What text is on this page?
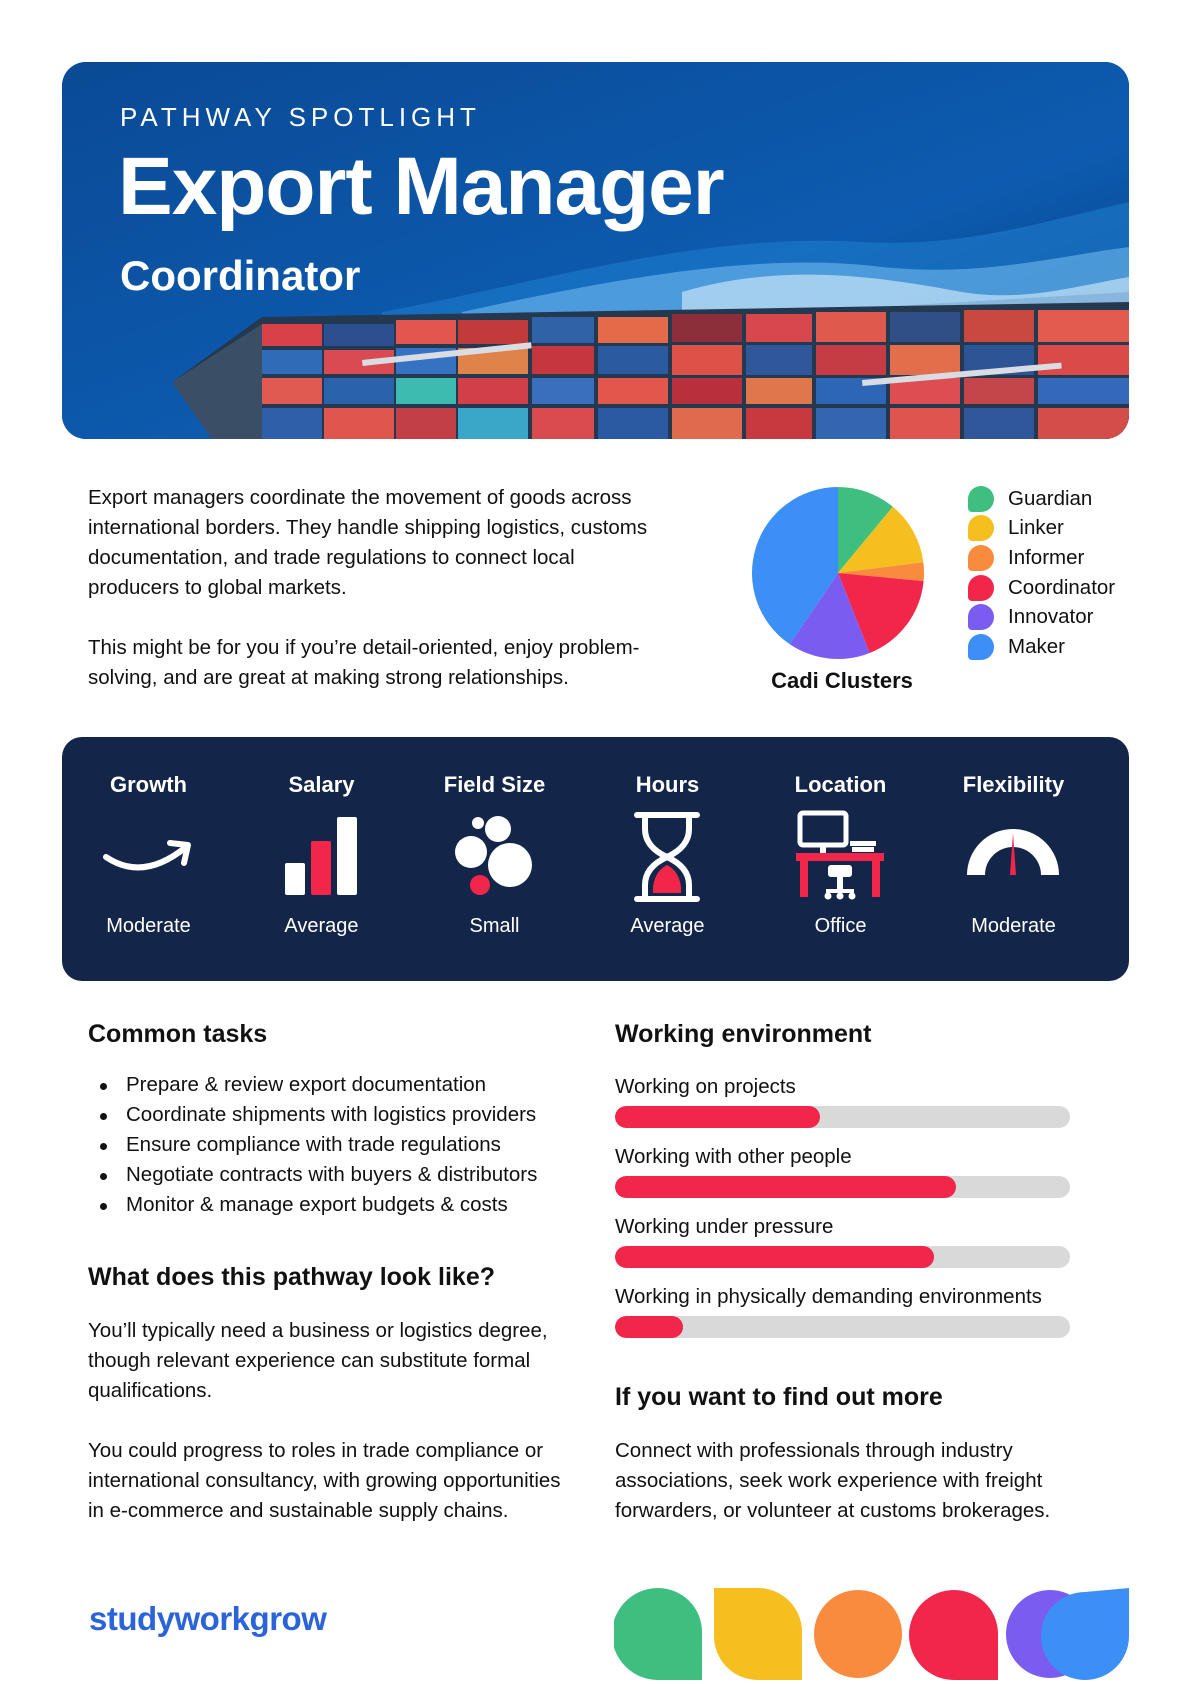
PATHWAY SPOTLIGHT
Export Manager
Coordinator

Export managers coordinate the movement of goods across international borders. They handle shipping logistics, customs documentation, and trade regulations to connect local producers to global markets.

This might be for you if you’re detail-oriented, enjoy problem-solving, and are great at making strong relationships.	Cadi Clusters
Guardian
Linker
Informer
Coordinator
Innovator
Maker
Growth
Moderate
Salary
Average
Field Size
Small
Hours
Average
Location
Office
Flexibility
Moderate
Common tasks
Prepare & review export documentation
Coordinate shipments with logistics providers
Ensure compliance with trade regulations
Negotiate contracts with buyers & distributors
Monitor & manage export budgets & costs
What does this pathway look like?
You’ll typically need a business or logistics degree, though relevant experience can substitute formal qualifications.
You could progress to roles in trade compliance or international consultancy, with growing opportunities in e-commerce and sustainable supply chains.
Working environment
Working on projects
Working with other people
Working under pressure
Working in physically demanding environments
If you want to find out more
Connect with professionals through industry associations, seek work experience with freight forwarders, or volunteer at customs brokerages.
studyworkgrow
